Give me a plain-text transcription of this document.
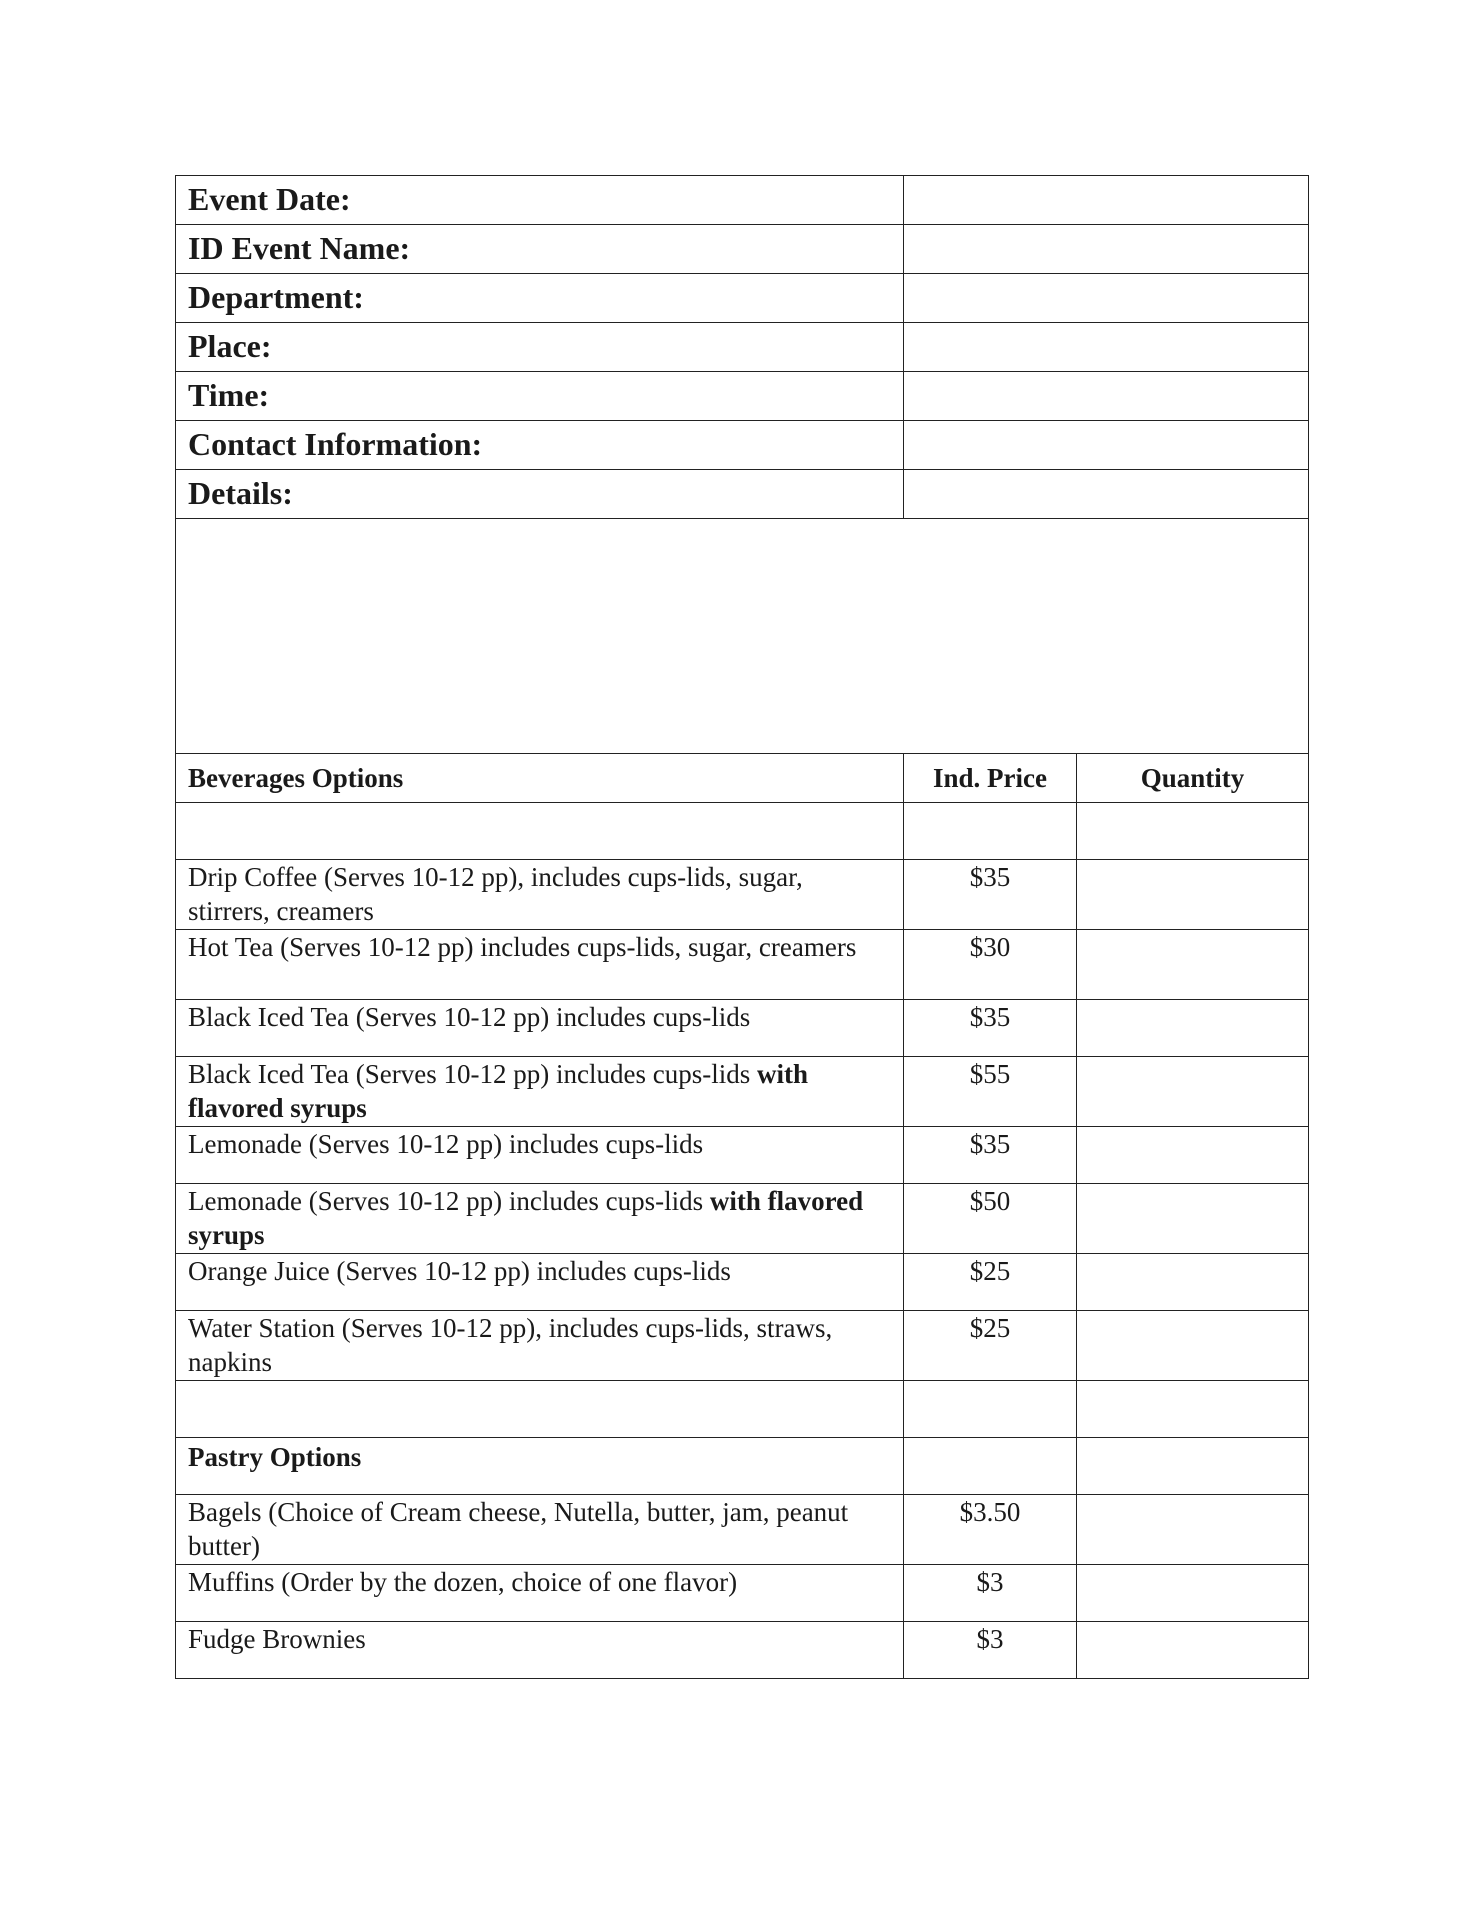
Event Date:	
ID Event Name:	
Department:	
Place:	
Time:	
Contact Information:	
Details:	

Beverages Options	Ind. Price	Quantity

Drip Coffee (Serves 10-12 pp), includes cups-lids, sugar, stirrers, creamers	$35	
Hot Tea (Serves 10-12 pp) includes cups-lids, sugar, creamers	$30	
Black Iced Tea (Serves 10-12 pp) includes cups-lids	$35	
Black Iced Tea (Serves 10-12 pp) includes cups-lids with flavored syrups	$55	
Lemonade (Serves 10-12 pp) includes cups-lids	$35	
Lemonade (Serves 10-12 pp) includes cups-lids with flavored syrups	$50	
Orange Juice (Serves 10-12 pp) includes cups-lids	$25	
Water Station (Serves 10-12 pp), includes cups-lids, straws, napkins	$25	

Pastry Options		
Bagels (Choice of Cream cheese, Nutella, butter, jam, peanut butter)	$3.50	
Muffins (Order by the dozen, choice of one flavor)	$3	
Fudge Brownies	$3	
